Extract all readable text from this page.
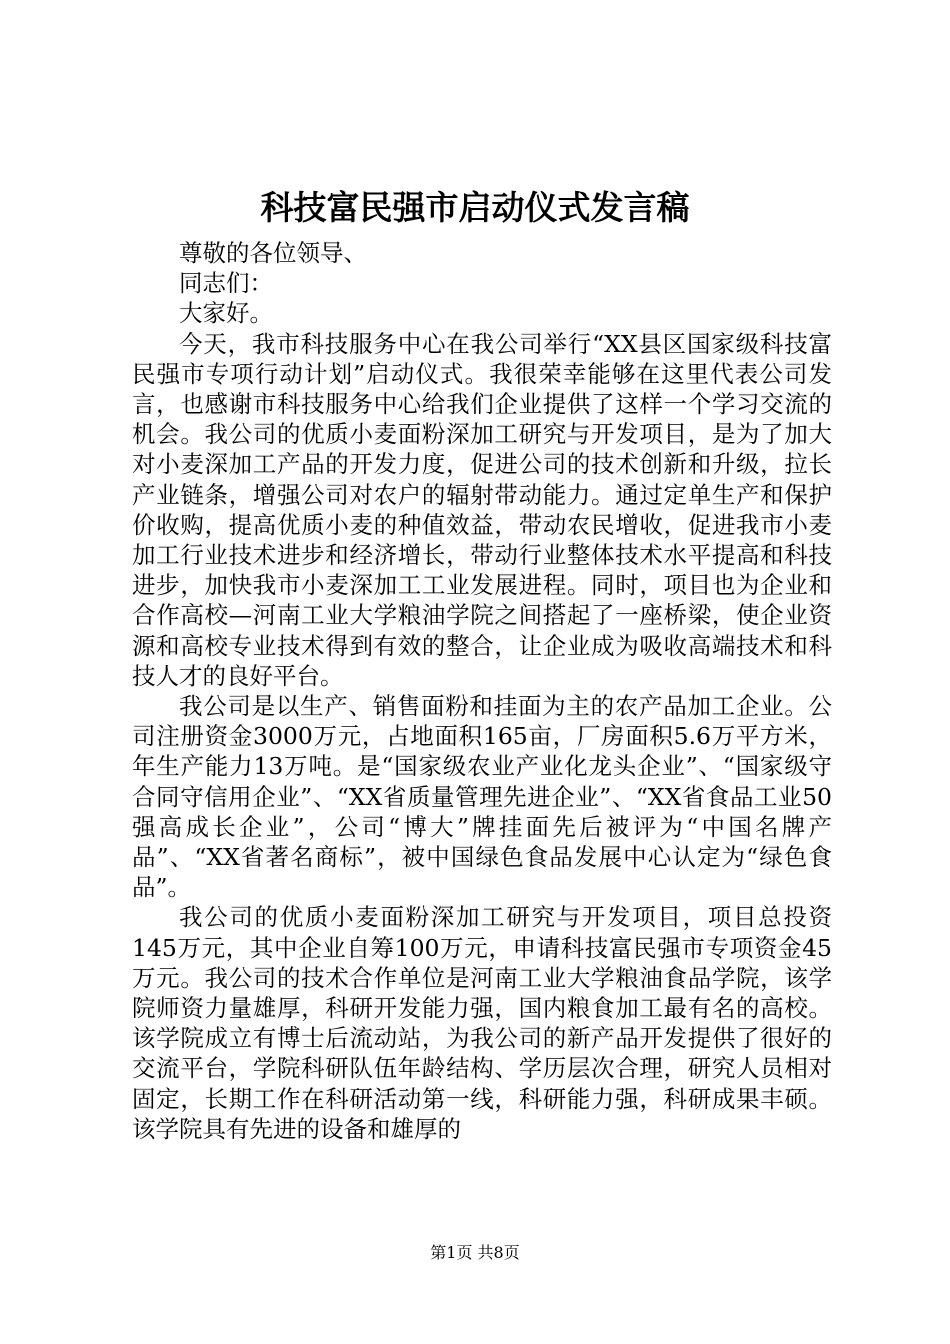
科技富民强市启动仪式发言稿

尊敬的各位领导、

同志们：

大家好。

今天，我市科技服务中心在我公司举行“XX县区国家级科技富民强市专项行动计划”启动仪式。我很荣幸能够在这里代表公司发言，也感谢市科技服务中心给我们企业提供了这样一个学习交流的机会。我公司的优质小麦面粉深加工研究与开发项目，是为了加大对小麦深加工产品的开发力度，促进公司的技术创新和升级，拉长产业链条，增强公司对农户的辐射带动能力。通过定单生产和保护价收购，提高优质小麦的种值效益，带动农民增收，促进我市小麦加工行业技术进步和经济增长，带动行业整体技术水平提高和科技进步，加快我市小麦深加工工业发展进程。同时，项目也为企业和合作高校—河南工业大学粮油学院之间搭起了一座桥梁，使企业资源和高校专业技术得到有效的整合，让企业成为吸收高端技术和科技人才的良好平台。

我公司是以生产、销售面粉和挂面为主的农产品加工企业。公司注册资金3000万元，占地面积165亩，厂房面积5.6万平方米，年生产能力13万吨。是“国家级农业产业化龙头企业”、“国家级守合同守信用企业”、“XX省质量管理先进企业”、“XX省食品工业50强高成长企业”，公司“博大”牌挂面先后被评为“中国名牌产品”、“XX省著名商标”，被中国绿色食品发展中心认定为“绿色食品”。

我公司的优质小麦面粉深加工研究与开发项目，项目总投资145万元，其中企业自筹100万元，申请科技富民强市专项资金45万元。我公司的技术合作单位是河南工业大学粮油食品学院，该学院师资力量雄厚，科研开发能力强，国内粮食加工最有名的高校。该学院成立有博士后流动站，为我公司的新产品开发提供了很好的交流平台，学院科研队伍年龄结构、学历层次合理，研究人员相对固定，长期工作在科研活动第一线，科研能力强，科研成果丰硕。该学院具有先进的设备和雄厚的

第1页 共8页
